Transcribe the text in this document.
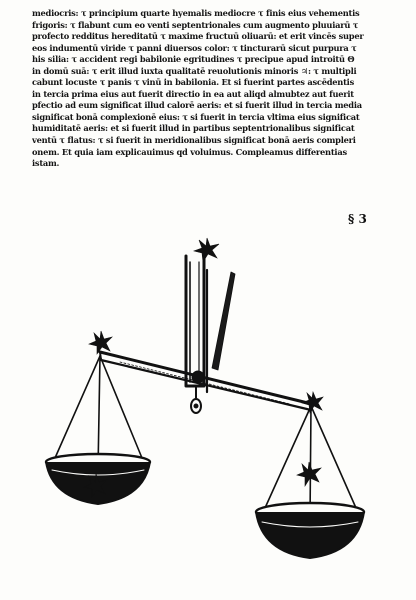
mediocris: τ principium quarte hyemalis mediocre τ finis eius vehementis
frigoris: τ flabunt cum eo venti septentrionales cum augmento pluuiarū τ
profecto redditus hereditatū τ maxime fructuū oliuarū: et erit vincēs super
eos indumentū viride τ panni diuersos color: τ tincturarū sicut purpura τ
his silia: τ accident regi babilonie egritudines τ precipue apud introitū Θ
in domū suā: τ erit illud iuxta qualitatē reuolutionis minoris ♃: τ multipli
cabunt locuste τ panis τ vinū in babilonia. Et si fuerint partes ascēdentis
in tercia prima eius aut fuerit directio in ea aut aliqd almubtez aut fuerit
pfectio ad eum significat illud calorē aeris: et si fuerit illud in tercia media
significat bonā complexionē eius: τ si fuerit in tercia vltima eius significat
humiditatē aeris: et si fuerit illud in partibus septentrionalibus significat
ventū τ flatus: τ si fuerit in meridionalibus significat bonā aeris compleri
onem. Et quia iam explicauimus qd voluimus. Compleamus differentias
istam.
§ 3
